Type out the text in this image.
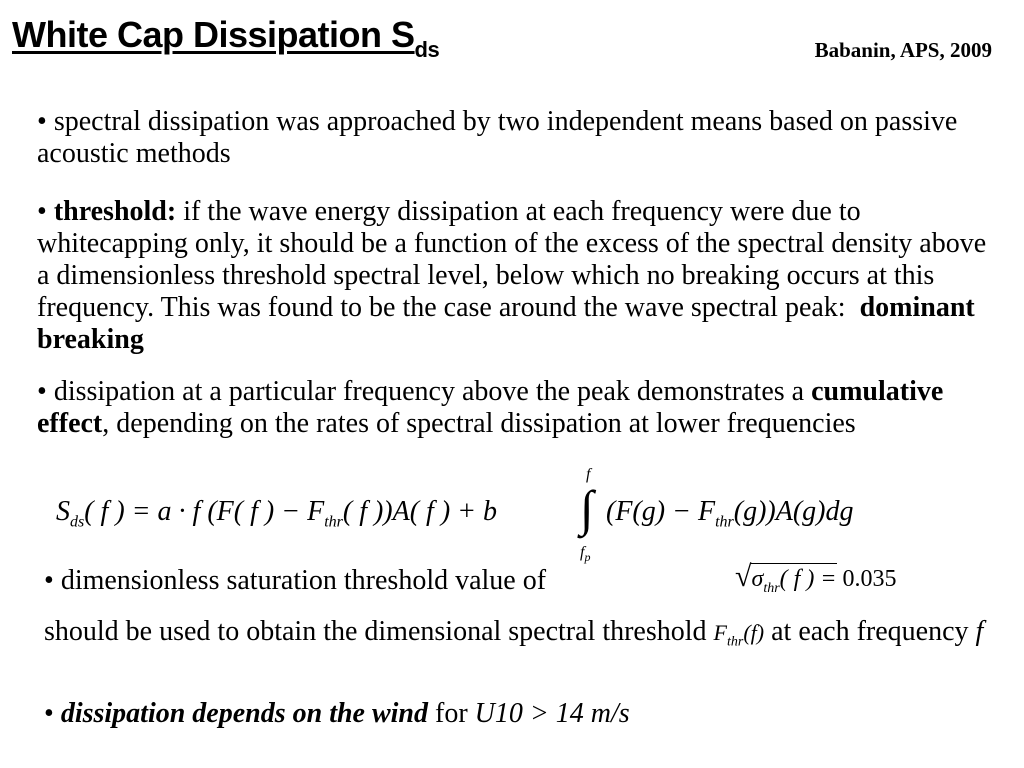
White Cap Dissipation $S_{ds}$	Babanin, APS, 2009
• spectral dissipation was approached by two independent means based on passive acoustic methods
• threshold: if the wave energy dissipation at each frequency were due to whitecapping only, it should be a function of the excess of the spectral density above a dimensionless threshold spectral level, below which no breaking occurs at this frequency. This was found to be the case around the wave spectral peak: dominant breaking
• dissipation at a particular frequency above the peak demonstrates a cumulative effect, depending on the rates of spectral dissipation at lower frequencies
$S_{ds}$( f ) = a · f (F( f ) − $F_{thr}$( f ))A( f ) + b ∫
f
$f_p$
$(F(g) - F_{thr}(g))A(g)dg$
• dimensionless saturation threshold value of	$√\sigma_{thr}$( f ) = 0.035
should be used to obtain the dimensional spectral threshold $F_{thr}(f)$ at each frequency f
• dissipation depends on the wind for U10 > 14 m/s
